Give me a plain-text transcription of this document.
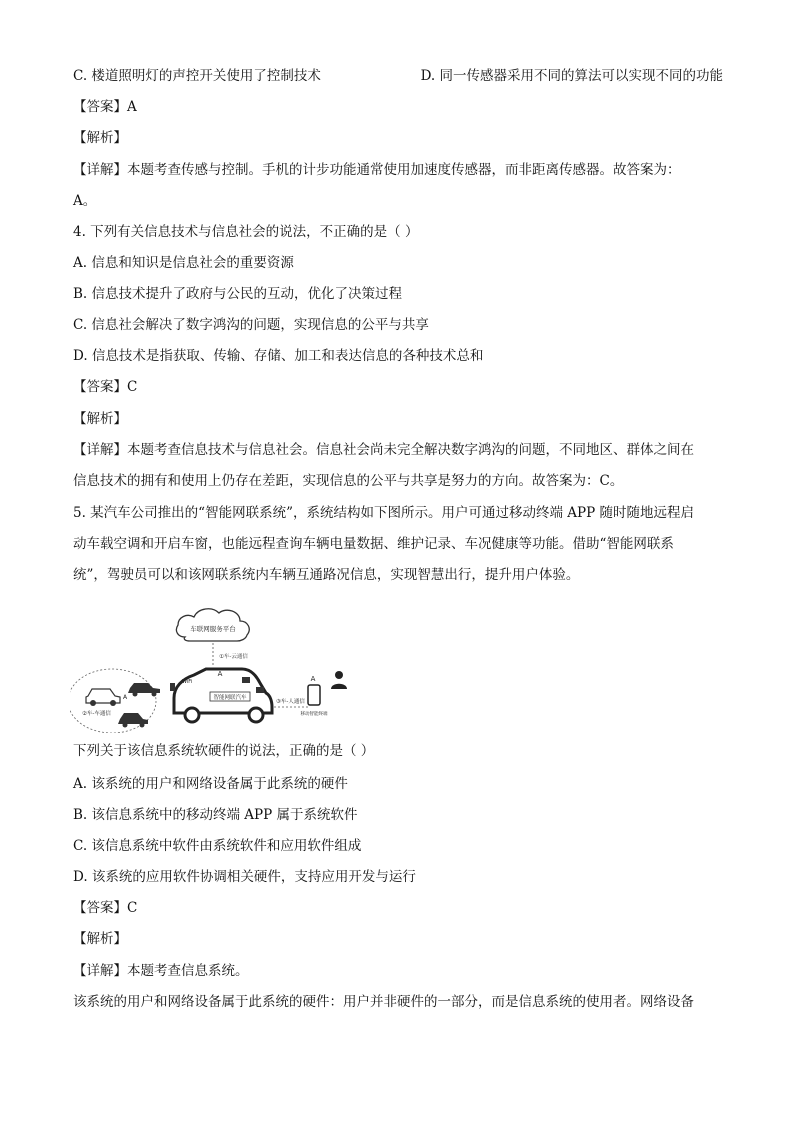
C. 楼道照明灯的声控开关使用了控制技术	D. 同一传感器采用不同的算法可以实现不同的功能
【答案】A
【解析】
【详解】本题考查传感与控制。手机的计步功能通常使用加速度传感器，而非距离传感器。故答案为：
A。
4. 下列有关信息技术与信息社会的说法，不正确的是（ ）
A. 信息和知识是信息社会的重要资源
B. 信息技术提升了政府与公民的互动，优化了决策过程
C. 信息社会解决了数字鸿沟的问题，实现信息的公平与共享
D. 信息技术是指获取、传输、存储、加工和表达信息的各种技术总和
【答案】C
【解析】
【详解】本题考查信息技术与信息社会。信息社会尚未完全解决数字鸿沟的问题，不同地区、群体之间在
信息技术的拥有和使用上仍存在差距，实现信息的公平与共享是努力的方向。故答案为：C。
5. 某汽车公司推出的“智能网联系统”，系统结构如下图所示。用户可通过移动终端 APP 随时随地远程启
动车载空调和开启车窗，也能远程查询车辆电量数据、维护记录、车况健康等功能。借助“智能网联系
统”，驾驶员可以和该网联系统内车辆互通路况信息，实现智慧出行，提升用户体验。
车联网服务平台
①车-云通信
A
②车-车通信
智能网联汽车
WiFi
A
③车-人通信
A
移动智能终端
下列关于该信息系统软硬件的说法，正确的是（ ）
A. 该系统的用户和网络设备属于此系统的硬件
B. 该信息系统中的移动终端 APP 属于系统软件
C. 该信息系统中软件由系统软件和应用软件组成
D. 该系统的应用软件协调相关硬件，支持应用开发与运行
【答案】C
【解析】
【详解】本题考查信息系统。
该系统的用户和网络设备属于此系统的硬件：用户并非硬件的一部分，而是信息系统的使用者。网络设备
